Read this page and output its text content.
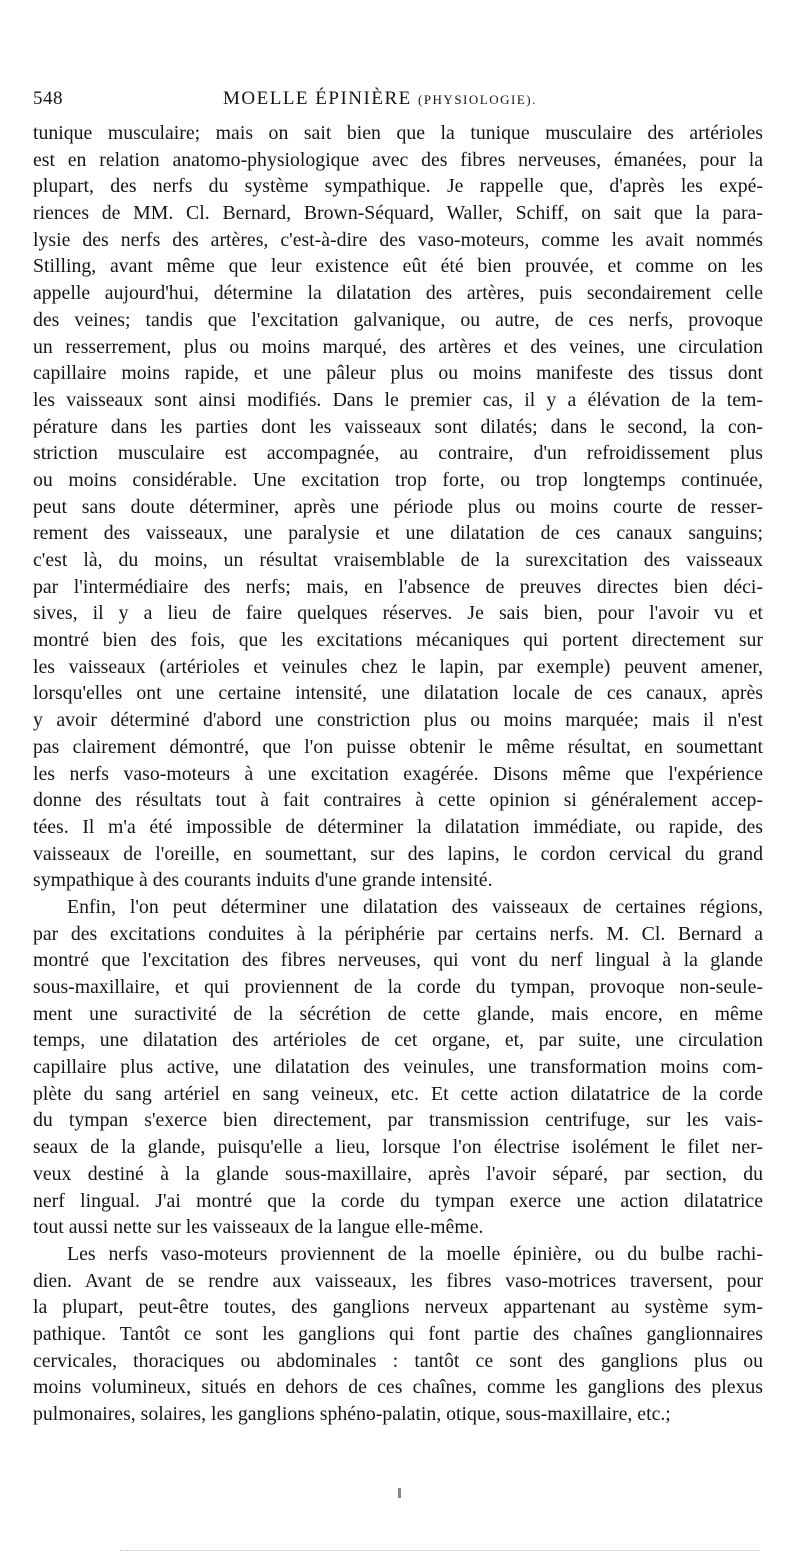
548	MOELLE ÉPINIÈRE (PHYSIOLOGIE).
tunique musculaire; mais on sait bien que la tunique musculaire des artérioles
est en relation anatomo-physiologique avec des fibres nerveuses, émanées, pour la
plupart, des nerfs du système sympathique. Je rappelle que, d'après les expé-
riences de MM. Cl. Bernard, Brown-Séquard, Waller, Schiff, on sait que la para-
lysie des nerfs des artères, c'est-à-dire des vaso-moteurs, comme les avait nommés
Stilling, avant même que leur existence eût été bien prouvée, et comme on les
appelle aujourd'hui, détermine la dilatation des artères, puis secondairement celle
des veines; tandis que l'excitation galvanique, ou autre, de ces nerfs, provoque
un resserrement, plus ou moins marqué, des artères et des veines, une circulation
capillaire moins rapide, et une pâleur plus ou moins manifeste des tissus dont
les vaisseaux sont ainsi modifiés. Dans le premier cas, il y a élévation de la tem-
pérature dans les parties dont les vaisseaux sont dilatés; dans le second, la con-
striction musculaire est accompagnée, au contraire, d'un refroidissement plus
ou moins considérable. Une excitation trop forte, ou trop longtemps continuée,
peut sans doute déterminer, après une période plus ou moins courte de resser-
rement des vaisseaux, une paralysie et une dilatation de ces canaux sanguins;
c'est là, du moins, un résultat vraisemblable de la surexcitation des vaisseaux
par l'intermédiaire des nerfs; mais, en l'absence de preuves directes bien déci-
sives, il y a lieu de faire quelques réserves. Je sais bien, pour l'avoir vu et
montré bien des fois, que les excitations mécaniques qui portent directement sur
les vaisseaux (artérioles et veinules chez le lapin, par exemple) peuvent amener,
lorsqu'elles ont une certaine intensité, une dilatation locale de ces canaux, après
y avoir déterminé d'abord une constriction plus ou moins marquée; mais il n'est
pas clairement démontré, que l'on puisse obtenir le même résultat, en soumettant
les nerfs vaso-moteurs à une excitation exagérée. Disons même que l'expérience
donne des résultats tout à fait contraires à cette opinion si généralement accep-
tées. Il m'a été impossible de déterminer la dilatation immédiate, ou rapide, des
vaisseaux de l'oreille, en soumettant, sur des lapins, le cordon cervical du grand
sympathique à des courants induits d'une grande intensité.
Enfin, l'on peut déterminer une dilatation des vaisseaux de certaines régions,
par des excitations conduites à la périphérie par certains nerfs. M. Cl. Bernard a
montré que l'excitation des fibres nerveuses, qui vont du nerf lingual à la glande
sous-maxillaire, et qui proviennent de la corde du tympan, provoque non-seule-
ment une suractivité de la sécrétion de cette glande, mais encore, en même
temps, une dilatation des artérioles de cet organe, et, par suite, une circulation
capillaire plus active, une dilatation des veinules, une transformation moins com-
plète du sang artériel en sang veineux, etc. Et cette action dilatatrice de la corde
du tympan s'exerce bien directement, par transmission centrifuge, sur les vais-
seaux de la glande, puisqu'elle a lieu, lorsque l'on électrise isolément le filet ner-
veux destiné à la glande sous-maxillaire, après l'avoir séparé, par section, du
nerf lingual. J'ai montré que la corde du tympan exerce une action dilatatrice
tout aussi nette sur les vaisseaux de la langue elle-même.
Les nerfs vaso-moteurs proviennent de la moelle épinière, ou du bulbe rachi-
dien. Avant de se rendre aux vaisseaux, les fibres vaso-motrices traversent, pour
la plupart, peut-être toutes, des ganglions nerveux appartenant au système sym-
pathique. Tantôt ce sont les ganglions qui font partie des chaînes ganglionnaires
cervicales, thoraciques ou abdominales : tantôt ce sont des ganglions plus ou
moins volumineux, situés en dehors de ces chaînes, comme les ganglions des plexus
pulmonaires, solaires, les ganglions sphéno-palatin, otique, sous-maxillaire, etc.;
